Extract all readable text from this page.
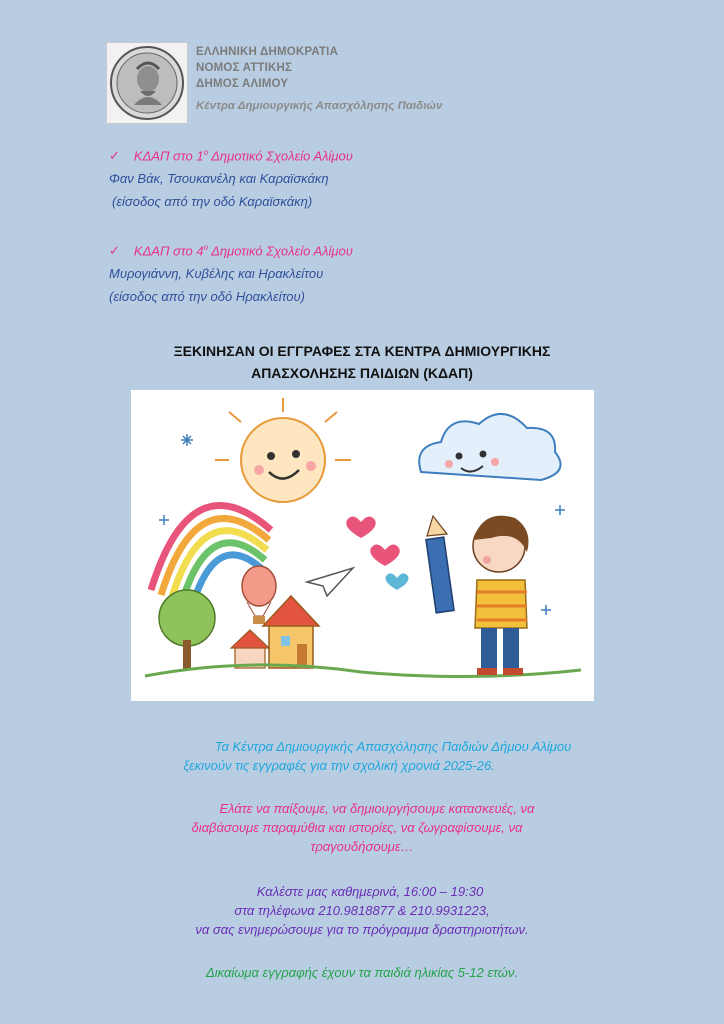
ΕΛΛΗΝΙΚΗ ΔΗΜΟΚΡΑΤΙΑ
ΝΟΜΟΣ ΑΤΤΙΚΗΣ
ΔΗΜΟΣ ΑΛΙΜΟΥ
Κέντρα Δημιουργικής Απασχόλησης Παιδιών
✓ ΚΔΑΠ στο $1^o$ Δημοτικό Σχολείο Αλίμου
Φαν Βάκ, Τσουκανέλη και Καραϊσκάκη
(είσοδος από την οδό Καραϊσκάκη)
✓ ΚΔΑΠ στο $4^o$ Δημοτικό Σχολείο Αλίμου
Μυρογιάννη, Κυβέλης και Ηρακλείτου
(είσοδος από την οδό Ηρακλείτου)
ΞΕΚΙΝΗΣΑΝ ΟΙ ΕΓΓΡΑΦΕΣ ΣΤΑ ΚΕΝΤΡΑ ΔΗΜΙΟΥΡΓΙΚΗΣ
ΑΠΑΣΧΟΛΗΣΗΣ ΠΑΙΔΙΩΝ (ΚΔΑΠ)
Τα Κέντρα Δημιουργικής Απασχόλησης Παιδιών Δήμου Αλίμου
ξεκινούν τις εγγραφές για την σχολική χρονιά 2025-26.
Ελάτε να παίξουμε, να δημιουργήσουμε κατασκευές, να
διαβάσουμε παραμύθια και ιστορίες, να ζωγραφίσουμε, να
τραγουδήσουμε…
Καλέστε μας καθημερινά, 16:00 – 19:30
στα τηλέφωνα 210.9818877 & 210.9931223,
να σας ενημερώσουμε για το πρόγραμμα δραστηριοτήτων.
Δικαίωμα εγγραφής έχουν τα παιδιά ηλικίας 5-12 ετών.
